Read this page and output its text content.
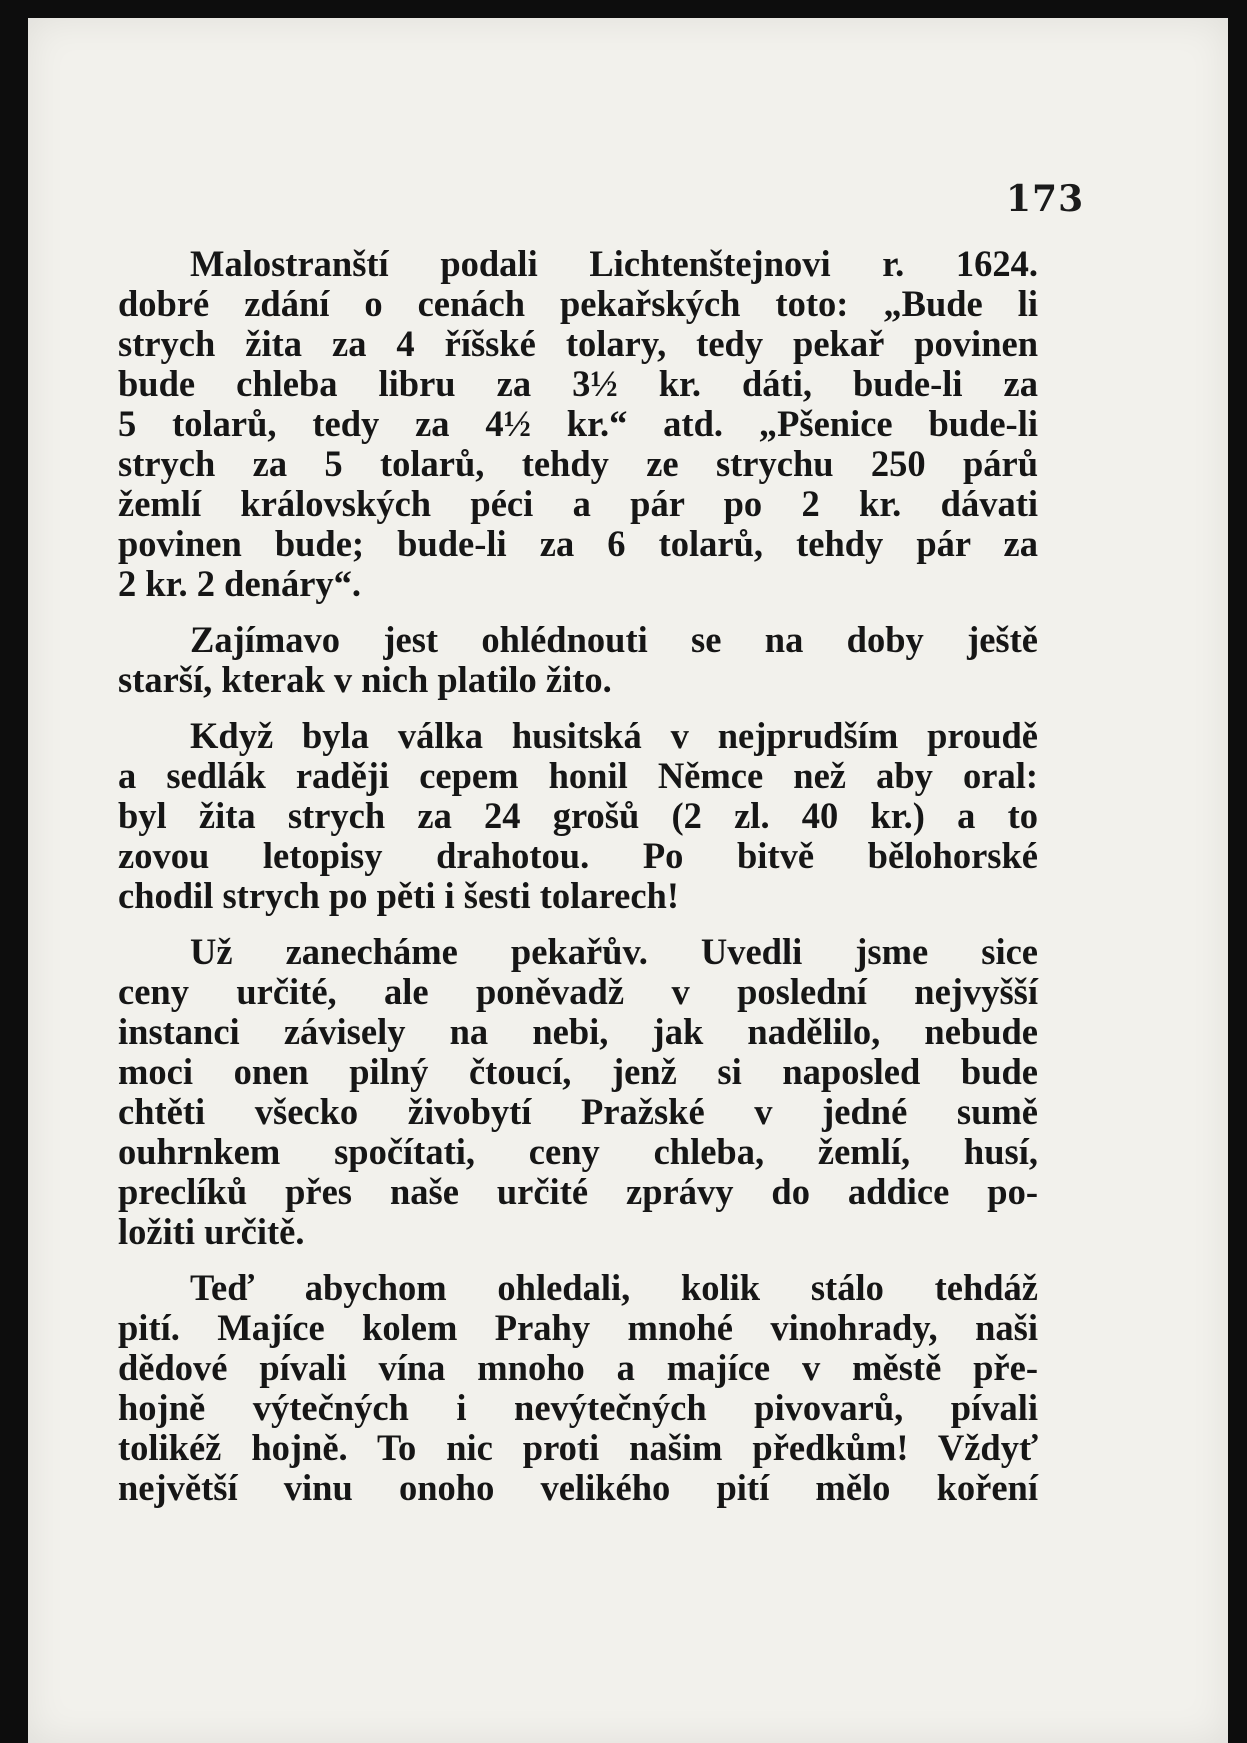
173
Malostranští podali Lichtenštejnovi r. 1624.
dobré zdání o cenách pekařských toto: „Bude li
strych žita za 4 říšské tolary, tedy pekař povinen
bude chleba libru za 3½ kr. dáti, bude-li za
5 tolarů, tedy za 4½ kr.“ atd. „Pšenice bude-li
strych za 5 tolarů, tehdy ze strychu 250 párů
žemlí královských péci a pár po 2 kr. dávati
povinen bude; bude-li za 6 tolarů, tehdy pár za
2 kr. 2 denáry“.
Zajímavo jest ohlédnouti se na doby ještě
starší, kterak v nich platilo žito.
Když byla válka husitská v nejprudším proudě
a sedlák raději cepem honil Němce než aby oral:
byl žita strych za 24 grošů (2 zl. 40 kr.) a to
zovou letopisy drahotou. Po bitvě bělohorské
chodil strych po pěti i šesti tolarech!
Už zanecháme pekařův. Uvedli jsme sice
ceny určité, ale poněvadž v poslední nejvyšší
instanci závisely na nebi, jak nadělilo, nebude
moci onen pilný čtoucí, jenž si naposled bude
chtěti všecko živobytí Pražské v jedné sumě
ouhrnkem spočítati, ceny chleba, žemlí, husí,
preclíků přes naše určité zprávy do addice po-
ložiti určitě.
Teď abychom ohledali, kolik stálo tehdáž
pití. Majíce kolem Prahy mnohé vinohrady, naši
dědové pívali vína mnoho a majíce v městě pře-
hojně výtečných i nevýtečných pivovarů, pívali
tolikéž hojně. To nic proti našim předkům! Vždyť
největší vinu onoho velikého pití mělo koření
